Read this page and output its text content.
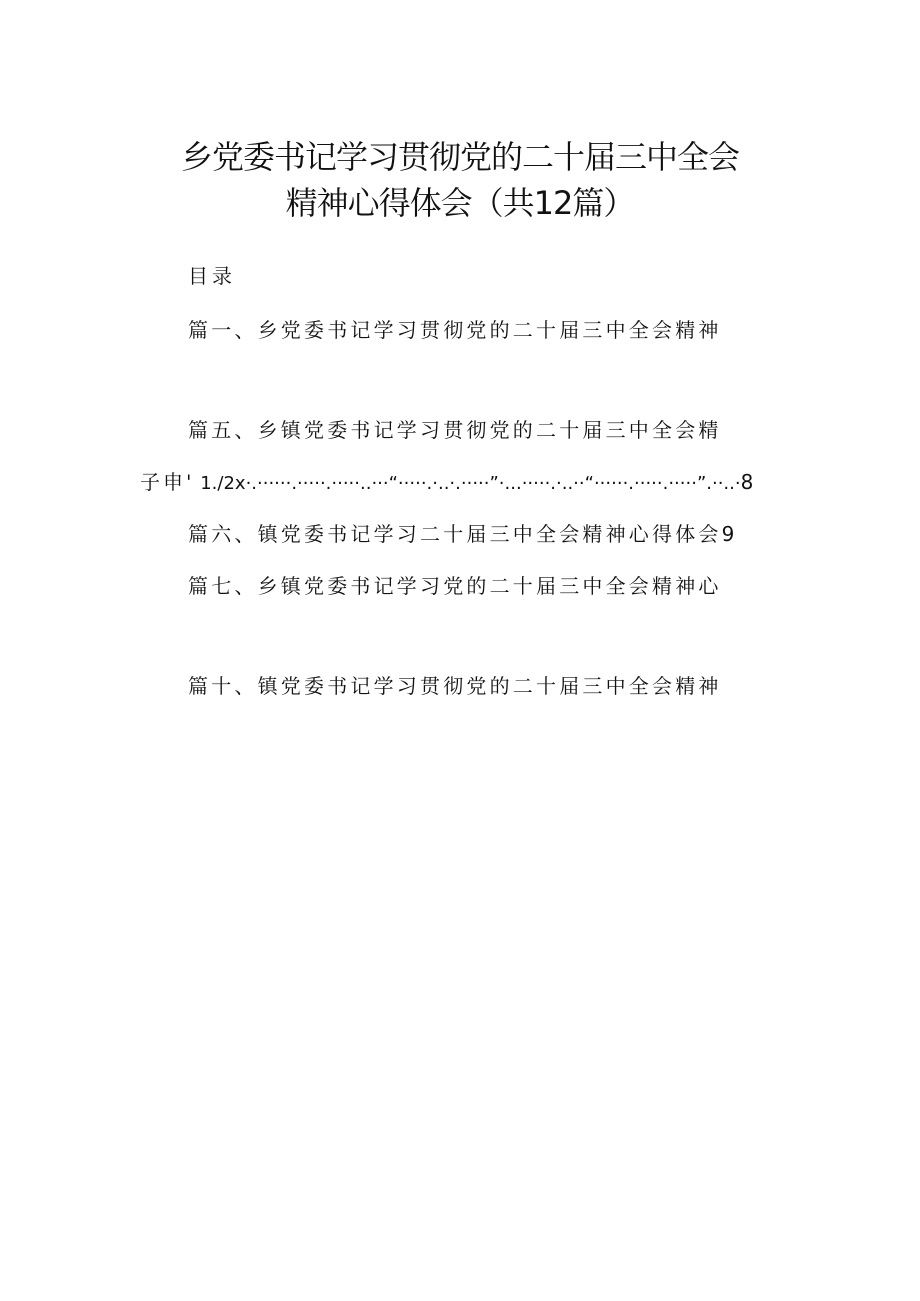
乡党委书记学习贯彻党的二十届三中全会
精神心得体会（共12篇）
目录
篇一、乡党委书记学习贯彻党的二十届三中全会精神
篇五、乡镇党委书记学习贯彻党的二十届三中全会精
子申' 1./2x·.······.·····.·····..···“·····.·..·.·····”·...·····.·..··“······.·····.·····”.··..·8
篇六、镇党委书记学习二十届三中全会精神心得体会9
篇七、乡镇党委书记学习党的二十届三中全会精神心
篇十、镇党委书记学习贯彻党的二十届三中全会精神
